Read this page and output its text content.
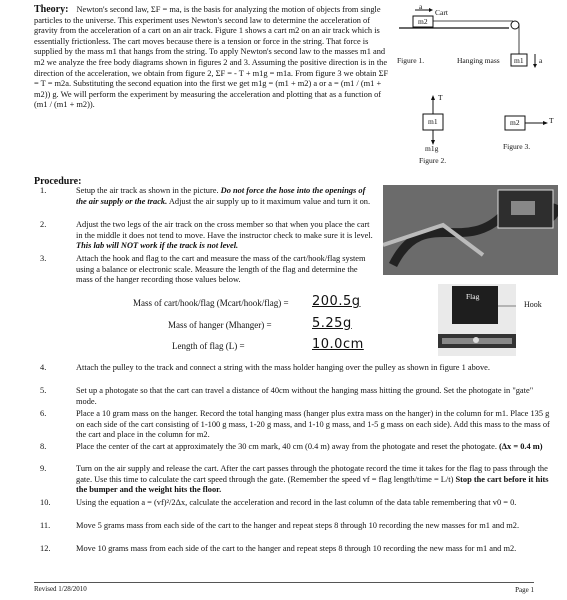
Theory: Newton's second law, ΣF = ma, is the basis for analyzing the motion of objects from single particles to the universe. This experiment uses Newton's second law to determine the acceleration of gravity from the acceleration of a cart on an air track. Figure 1 shows a cart m2 on an air track which is essentially frictionless. The cart moves because there is a tension or force in the string. That force is supplied by the mass m1 that hangs from the string. To apply Newton's second law to the masses m1 and m2 we analyze the free body diagrams shown in figures 2 and 3. Assuming the positive direction is in the direction of the acceleration, we obtain from figure 2, ΣF = - T + m1g = m1a. From figure 3 we obtain ΣF = T = m2a. Substituting the second equation into the first we get m1g = (m1 + m2) a or a = (m1 / (m1 + m2)) g. We will perform the experiment by measuring the acceleration and plotting that as a function of (m1 / (m1 + m2)).
Cart
m2
m1
a
a
Figure 1.	Hanging mass
m1
T
m1g
Figure 2.
m2	T
Figure 3.
Procedure:
Flag
Hook
Mass of cart/hook/flag (Mcart/hook/flag) = 200.5g
Mass of hanger (Mhanger) =	5.25g
Length of flag (L) =	10.0cm
1.	Setup the air track as shown in the picture. Do not force the hose into the openings of the air supply or the track. Adjust the air supply up to it maximum value and turn it on.
2.	Adjust the two legs of the air track on the cross member so that when you place the cart in the middle it does not tend to move. Have the instructor check to make sure it is level. This lab will NOT work if the track is not level.
3.	Attach the hook and flag to the cart and measure the mass of the cart/hook/flag system using a balance or electronic scale. Measure the length of the flag and determine the mass of the hanger recording those values below.
4.	Attach the pulley to the track and connect a string with the mass holder hanging over the pulley as shown in figure 1 above.
5.	Set up a photogate so that the cart can travel a distance of 40cm without the hanging mass hitting the ground. Set the photogate in "gate" mode.
6.	Place a 10 gram mass on the hanger. Record the total hanging mass (hanger plus extra mass on the hanger) in the column for m1. Place 135 g on each side of the cart consisting of 1-100 g mass, 1-20 g mass, and 1-10 g mass, and 1-5 g mass on each side). Add this mass to the mass of the cart and place in the column for m2.
8.	Place the center of the cart at approximately the 30 cm mark, 40 cm (0.4 m) away from the photogate and reset the photogate. (Δx = 0.4 m)
9.	Turn on the air supply and release the cart. After the cart passes through the photogate record the time it takes for the flag to pass through the gate. Use this time to calculate the cart speed through the gate. (Remember the speed vf = flag length/time = L/t) Stop the cart before it hits the bumper and the weight hits the floor.
10.	Using the equation a = (vf)²/2Δx, calculate the acceleration and record in the last column of the data table remembering that v0 = 0.
11.	Move 5 grams mass from each side of the cart to the hanger and repeat steps 8 through 10 recording the new masses for m1 and m2.
12.	Move 10 grams mass from each side of the cart to the hanger and repeat steps 8 through 10 recording the new mass for m1 and m2.
Revised 1/28/2010	Page 1
